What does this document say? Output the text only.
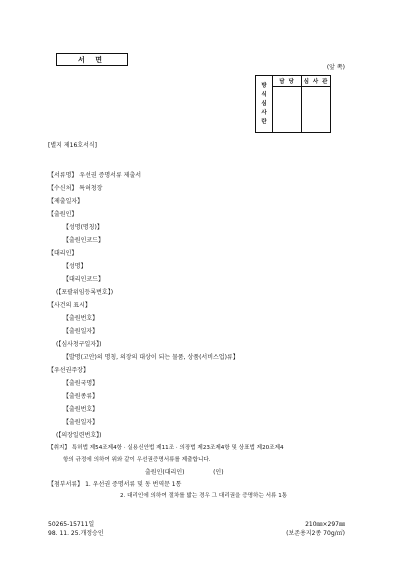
서 면
(앞 쪽)
방식심사란	담 당	심 사 관

[별지 제16호서식]
【서류명】 우선권 증명서류 제출서
【수신처】 특허청장
【제출일자】
【출원인】
【성명(명칭)】
【출원인코드】
【대리인】
【성명】
【대리인코드】
(【포괄위임등록번호】)
【사건의 표시】
【출원번호】
【출원일자】
(【심사청구일자】)
【발명(고안)의 명칭, 의장의 대상이 되는 물품, 상품(서비스업)류】
【우선권주장】
【출원국명】
【출원종류】
【출원번호】
【출원일자】
(【의장일련번호】)
【취지】 특허법 제54조제4항 · 실용신안법 제11조 · 의장법 제23조제4항 및 상표법 제20조제4
항의 규정에 의하여 위와 같이 우선권증명서류를 제출합니다.
출원인(대리인)               (인)
【첨부서류】 1. 우선권 증명서류 및 동 번역문 1통
2. 대리인에 의하여 절차를 밟는 경우 그 대리권을 증명하는 서류 1통
50265-15711일
98. 11. 25.개정승인
210㎜×297㎜
(보존용지2종 70g/㎡)
